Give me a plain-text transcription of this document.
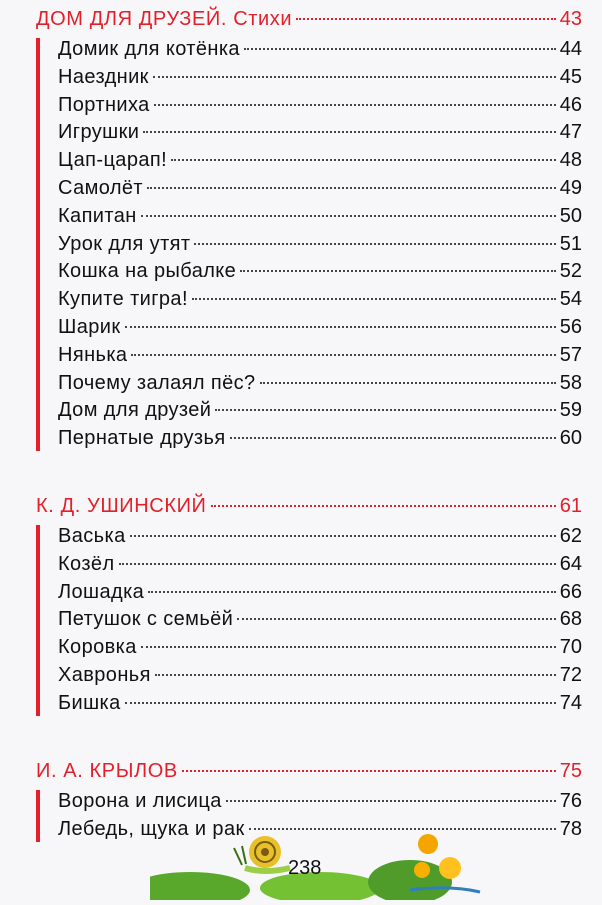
ДОМ ДЛЯ ДРУЗЕЙ. Стихи	43
Домик для котёнка	44
Наездник	45
Портниха	46
Игрушки	47
Цап-царап!	48
Самолёт	49
Капитан	50
Урок для утят	51
Кошка на рыбалке	52
Купите тигра!	54
Шарик	56
Нянька	57
Почему залаял пёс?	58
Дом для друзей	59
Пернатые друзья	60
К. Д. УШИНСКИЙ	61
Васька	62
Козёл	64
Лошадка	66
Петушок с семьёй	68
Коровка	70
Хавронья	72
Бишка	74
И. А. КРЫЛОВ	75
Ворона и лисица	76
Лебедь, щука и рак	78
238
